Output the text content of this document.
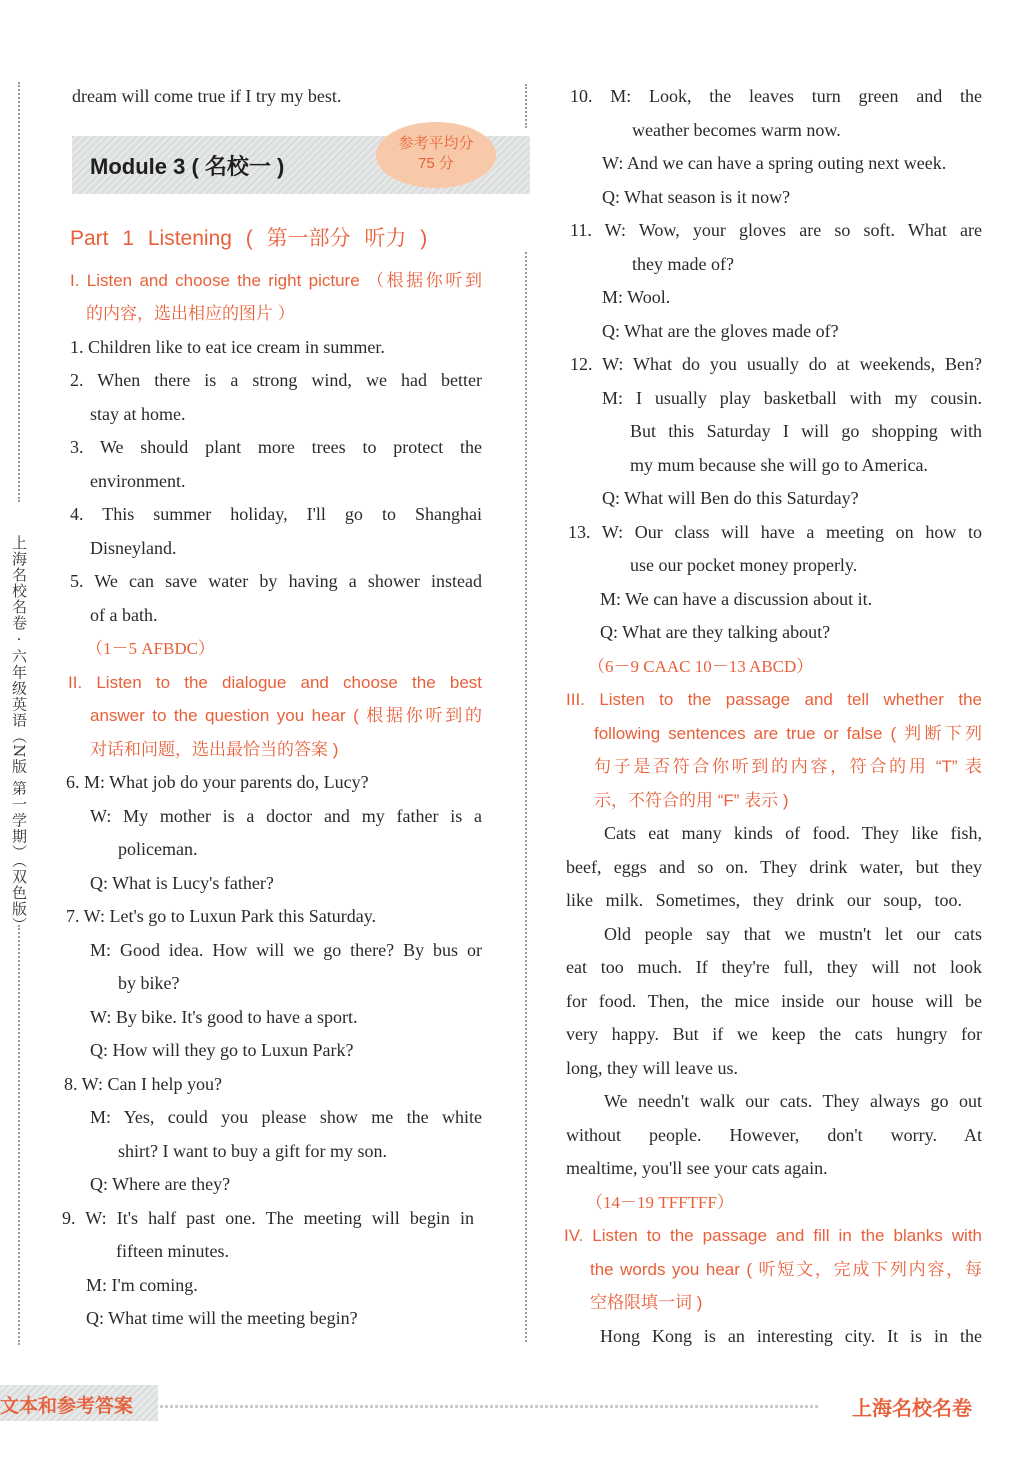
上海名校名卷 · 六年级英语（N版 第一学期）（双色版）
dream will come true if I try my best.
Module 3 ( 名校一 )
参考平均分
75 分
Part 1 Listening ( 第一部分 听力 )
I. Listen and choose the right picture （根据你听到
的内容，选出相应的图片 ）
1. Children like to eat ice cream in summer.
2. When there is a strong wind, we had better
stay at home.
3. We should plant more trees to protect the
environment.
4. This summer holiday, I'll go to Shanghai
Disneyland.
5. We can save water by having a shower instead
of a bath.
（1－5 AFBDC）
II. Listen to the dialogue and choose the best
answer to the question you hear ( 根据你听到的
对话和问题，选出最恰当的答案 )
6. M: What job do your parents do, Lucy?
W: My mother is a doctor and my father is a
policeman.
Q: What is Lucy's father?
7. W: Let's go to Luxun Park this Saturday.
M: Good idea. How will we go there? By bus or
by bike?
W: By bike. It's good to have a sport.
Q: How will they go to Luxun Park?
8. W: Can I help you?
M: Yes, could you please show me the white
shirt? I want to buy a gift for my son.
Q: Where are they?
9. W: It's half past one. The meeting will begin in
fifteen minutes.
M: I'm coming.
Q: What time will the meeting begin?
10. M: Look, the leaves turn green and the
weather becomes warm now.
W: And we can have a spring outing next week.
Q: What season is it now?
11. W: Wow, your gloves are so soft. What are
they made of?
M: Wool.
Q: What are the gloves made of?
12. W: What do you usually do at weekends, Ben?
M: I usually play basketball with my cousin.
But this Saturday I will go shopping with
my mum because she will go to America.
Q: What will Ben do this Saturday?
13. W: Our class will have a meeting on how to
use our pocket money properly.
M: We can have a discussion about it.
Q: What are they talking about?
（6－9 CAAC 10－13 ABCD）
III. Listen to the passage and tell whether the
following sentences are true or false ( 判断下列
句子是否符合你听到的内容，符合的用 “T” 表
示，不符合的用 “F” 表示 )
Cats eat many kinds of food. They like fish,
beef, eggs and so on. They drink water, but they
like milk. Sometimes, they drink our soup, too.
Old people say that we mustn't let our cats
eat too much. If they're full, they will not look
for food. Then, the mice inside our house will be
very happy. But if we keep the cats hungry for
long, they will leave us.
We needn't walk our cats. They always go out
without people. However, don't worry. At
mealtime, you'll see your cats again.
（14－19 TFFTFF）
IV. Listen to the passage and fill in the blanks with
the words you hear ( 听短文，完成下列内容，每
空格限填一词 )
Hong Kong is an interesting city. It is in the
文本和参考答案	上海名校名卷
